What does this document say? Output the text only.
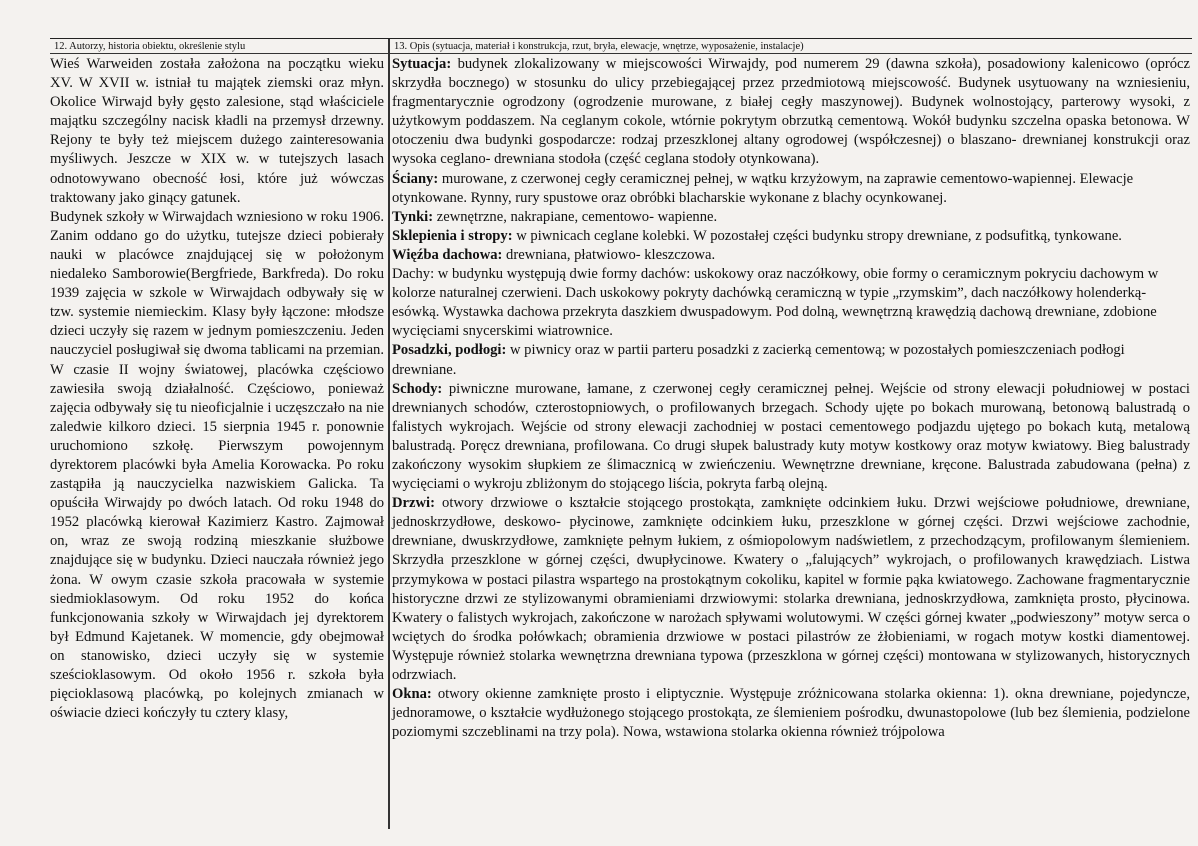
12. Autorzy, historia obiektu, określenie stylu	13. Opis (sytuacja, materiał i konstrukcja, rzut, bryła, elewacje, wnętrze, wyposażenie, instalacje)

Wieś Warweiden została założona na początku wieku XV. W XVII w. istniał tu majątek ziemski oraz młyn. Okolice Wirwajd były gęsto zalesione, stąd właściciele majątku szczególny nacisk kładli na przemysł drzewny. Rejony te były też miejscem dużego zainteresowania myśliwych. Jeszcze w XIX w. w tutejszych lasach odnotowywano obecność łosi, które już wówczas traktowany jako ginący gatunek.

Budynek szkoły w Wirwajdach wzniesiono w roku 1906. Zanim oddano go do użytku, tutejsze dzieci pobierały nauki w placówce znajdującej się w położonym niedaleko Samborowie(Bergfriede, Barkfreda). Do roku 1939 zajęcia w szkole w Wirwajdach odbywały się w tzw. systemie niemieckim. Klasy były łączone: młodsze dzieci uczyły się razem w jednym pomieszczeniu. Jeden nauczyciel posługiwał się dwoma tablicami na przemian. W czasie II wojny światowej, placówka częściowo zawiesiła swoją działalność. Częściowo, ponieważ zajęcia odbywały się tu nieoficjalnie i uczęszczało na nie zaledwie kilkoro dzieci. 15 sierpnia 1945 r. ponownie uruchomiono szkołę. Pierwszym powojennym dyrektorem placówki była Amelia Korowacka. Po roku zastąpiła ją nauczycielka nazwiskiem Galicka. Ta opuściła Wirwajdy po dwóch latach. Od roku 1948 do 1952 placówką kierował Kazimierz Kastro. Zajmował on, wraz ze swoją rodziną mieszkanie służbowe znajdujące się w budynku. Dzieci nauczała również jego żona. W owym czasie szkoła pracowała w systemie siedmioklasowym. Od roku 1952 do końca funkcjonowania szkoły w Wirwajdach jej dyrektorem był Edmund Kajetanek. W momencie, gdy obejmował on stanowisko, dzieci uczyły się w systemie sześcioklasowym. Od około 1956 r. szkoła była pięcioklasową placówką, po kolejnych zmianach w oświacie dzieci kończyły tu cztery klasy,

Sytuacja: budynek zlokalizowany w miejscowości Wirwajdy, pod numerem 29 (dawna szkoła), posadowiony kalenicowo (oprócz skrzydła bocznego) w stosunku do ulicy przebiegającej przez przedmiotową miejscowość. Budynek usytuowany na wzniesieniu, fragmentarycznie ogrodzony (ogrodzenie murowane, z białej cegły maszynowej). Budynek wolnostojący, parterowy wysoki, z użytkowym poddaszem. Na ceglanym cokole, wtórnie pokrytym obrzutką cementową. Wokół budynku szczelna opaska betonowa. W otoczeniu dwa budynki gospodarcze: rodzaj przeszklonej altany ogrodowej (współczesnej) o blaszano- drewnianej konstrukcji oraz wysoka ceglano- drewniana stodoła (część ceglana stodoły otynkowana).

Ściany: murowane, z czerwonej cegły ceramicznej pełnej, w wątku krzyżowym, na zaprawie cementowo-wapiennej. Elewacje otynkowane. Rynny, rury spustowe oraz obróbki blacharskie wykonane z blachy ocynkowanej.

Tynki: zewnętrzne, nakrapiane, cementowo- wapienne.

Sklepienia i stropy: w piwnicach ceglane kolebki. W pozostałej części budynku stropy drewniane, z podsufitką, tynkowane.

Więźba dachowa: drewniana, płatwiowo- kleszczowa.

Dachy: w budynku występują dwie formy dachów: uskokowy oraz naczółkowy, obie formy o ceramicznym pokryciu dachowym w kolorze naturalnej czerwieni. Dach uskokowy pokryty dachówką ceramiczną w typie „rzymskim”, dach naczółkowy holenderką- esówką. Wystawka dachowa przekryta daszkiem dwuspadowym. Pod dolną, wewnętrzną krawędzią dachową drewniane, zdobione wycięciami snycerskimi wiatrownice.

Posadzki, podłogi: w piwnicy oraz w partii parteru posadzki z zacierką cementową; w pozostałych pomieszczeniach podłogi drewniane.

Schody: piwniczne murowane, łamane, z czerwonej cegły ceramicznej pełnej. Wejście od strony elewacji południowej w postaci drewnianych schodów, czterostopniowych, o profilowanych brzegach. Schody ujęte po bokach murowaną, betonową balustradą o falistych wykrojach. Wejście od strony elewacji zachodniej w postaci cementowego podjazdu ujętego po bokach kutą, metalową balustradą. Poręcz drewniana, profilowana. Co drugi słupek balustrady kuty motyw kostkowy oraz motyw kwiatowy. Bieg balustrady zakończony wysokim słupkiem ze ślimacznicą w zwieńczeniu. Wewnętrzne drewniane, kręcone. Balustrada zabudowana (pełna) z wycięciami o wykroju zbliżonym do stojącego liścia, pokryta farbą olejną.

Drzwi: otwory drzwiowe o kształcie stojącego prostokąta, zamknięte odcinkiem łuku. Drzwi wejściowe południowe, drewniane, jednoskrzydłowe, deskowo- płycinowe, zamknięte odcinkiem łuku, przeszklone w górnej części. Drzwi wejściowe zachodnie, drewniane, dwuskrzydłowe, zamknięte pełnym łukiem, z ośmiopolowym nadświetlem, z przechodzącym, profilowanym ślemieniem. Skrzydła przeszklone w górnej części, dwupłycinowe. Kwatery o „falujących” wykrojach, o profilowanych krawędziach. Listwa przymykowa w postaci pilastra wspartego na prostokątnym cokoliku, kapitel w formie pąka kwiatowego. Zachowane fragmentarycznie historyczne drzwi ze stylizowanymi obramieniami drzwiowymi: stolarka drewniana, jednoskrzydłowa, zamknięta prosto, płycinowa. Kwatery o falistych wykrojach, zakończone w narożach spływami wolutowymi. W części górnej kwater „podwieszony” motyw serca o wciętych do środka połówkach; obramienia drzwiowe w postaci pilastrów ze żłobieniami, w rogach motyw kostki diamentowej. Występuje również stolarka wewnętrzna drewniana typowa (przeszklona w górnej części) montowana w stylizowanych, historycznych odrzwiach.

Okna: otwory okienne zamknięte prosto i eliptycznie. Występuje zróżnicowana stolarka okienna: 1). okna drewniane, pojedyncze, jednoramowe, o kształcie wydłużonego stojącego prostokąta, ze ślemieniem pośrodku, dwunastopolowe (lub bez ślemienia, podzielone poziomymi szczeblinami na trzy pola). Nowa, wstawiona stolarka okienna również trójpolowa
